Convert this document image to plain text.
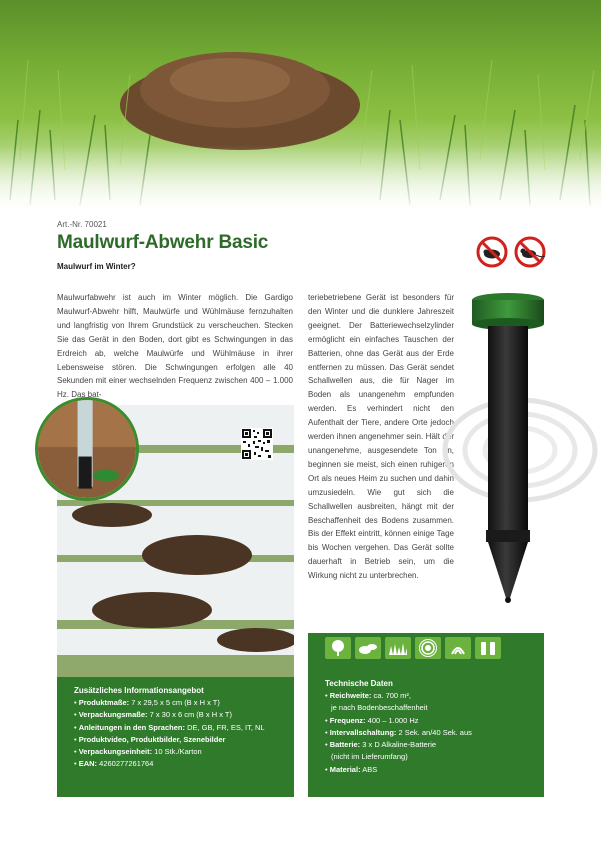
Art.-Nr. 70021
Maulwurf-Abwehr Basic
Maulwurf im Winter?
Maulwurfabwehr ist auch im Winter möglich. Die Gardigo Maulwurf-Abwehr hilft, Maulwürfe und Wühlmäuse fernzuhalten und langfristig von Ihrem Grundstück zu verscheuchen. Stecken Sie das Gerät in den Boden, dort gibt es Schwingungen in das Erdreich ab, welche Maulwürfe und Wühlmäuse in ihrer Lebensweise stören. Die Schwingungen erfolgen alle 40 Sekunden mit einer wechselnden Frequenz zwischen 400 – 1.000 Hz. Das bat-
teriebetriebene Gerät ist besonders für den Winter und die dunklere Jahreszeit geeignet. Der Batteriewechselzylinder ermöglicht ein einfaches Tauschen der Batterien, ohne das Gerät aus der Erde entfernen zu müssen. Das Gerät sendet Schallwellen aus, die für Nager im Boden als unangenehm empfunden werden. Es verhindert nicht den Aufenthalt der Tiere, andere Orte jedoch werden ihnen angenehmer sein. Hält der unangenehme, ausgesendete Ton an, beginnen sie meist, sich einen ruhigeren Ort als neues Heim zu suchen und dahin umzusiedeln. Wie gut sich die Schallwellen ausbreiten, hängt mit der Beschaffenheit des Bodens zusammen. Bis der Effekt eintritt, können einige Tage bis Wochen vergehen. Das Gerät sollte dauerhaft in Betrieb sein, um die Wirkung nicht zu unterbrechen.
Zusätzliches Informationsangebot
• Produktmaße: 7 x 29,5 x 5 cm (B x H x T)
• Verpackungsmaße: 7 x 30 x 6 cm (B x H x T)
• Anleitungen in den Sprachen: DE, GB, FR, ES, IT, NL
• Produktvideo, Produktbilder, Szenebilder
• Verpackungseinheit: 10 Stk./Karton
• EAN: 4260277261764
Technische Daten
• Reichweite: ca. 700 m²,
je nach Bodenbeschaffenheit
• Frequenz: 400 – 1.000 Hz
• Intervallschaltung: 2 Sek. an/40 Sek. aus
• Batterie: 3 x D Alkaline-Batterie
(nicht im Lieferumfang)
• Material: ABS
